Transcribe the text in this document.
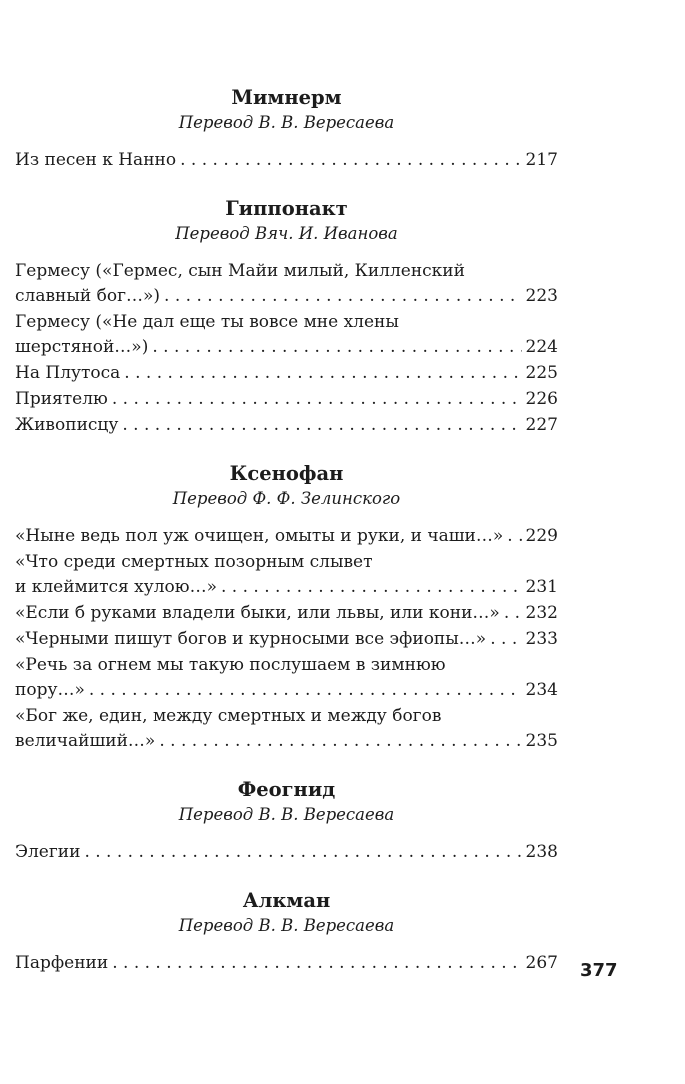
Мимнерм
Перевод В. В. Вересаева
Из песен к Нанно . . .	217
Гиппонакт
Перевод Вяч. И. Иванова
Гермесу («Гермес, сын Майи милый, Килленский
славный бог…») . . .	223
Гермесу («Не дал еще ты вовсе мне хлены
шерстяной…») . . .	224
На Плутоса . . .	225
Приятелю . . .	226
Живописцу . . .	227
Ксенофан
Перевод Ф. Ф. Зелинского
«Ныне ведь пол уж очищен, омыты и руки, и чаши…» . . . 229
«Что среди смертных позорным слывет
и клеймится хулою…» . . .	231
«Если б руками владели быки, или львы, или кони…» . . . 232
«Черными пишут богов и курносыми все эфиопы…» . . . 233
«Речь за огнем мы такую послушаем в зимнюю
пору…» . . .	234
«Бог же, един, между смертных и между богов
величайший…» . . .	235
Феогнид
Перевод В. В. Вересаева
Элегии . . .	238
Алкман
Перевод В. В. Вересаева
Парфении . . .	267 377
